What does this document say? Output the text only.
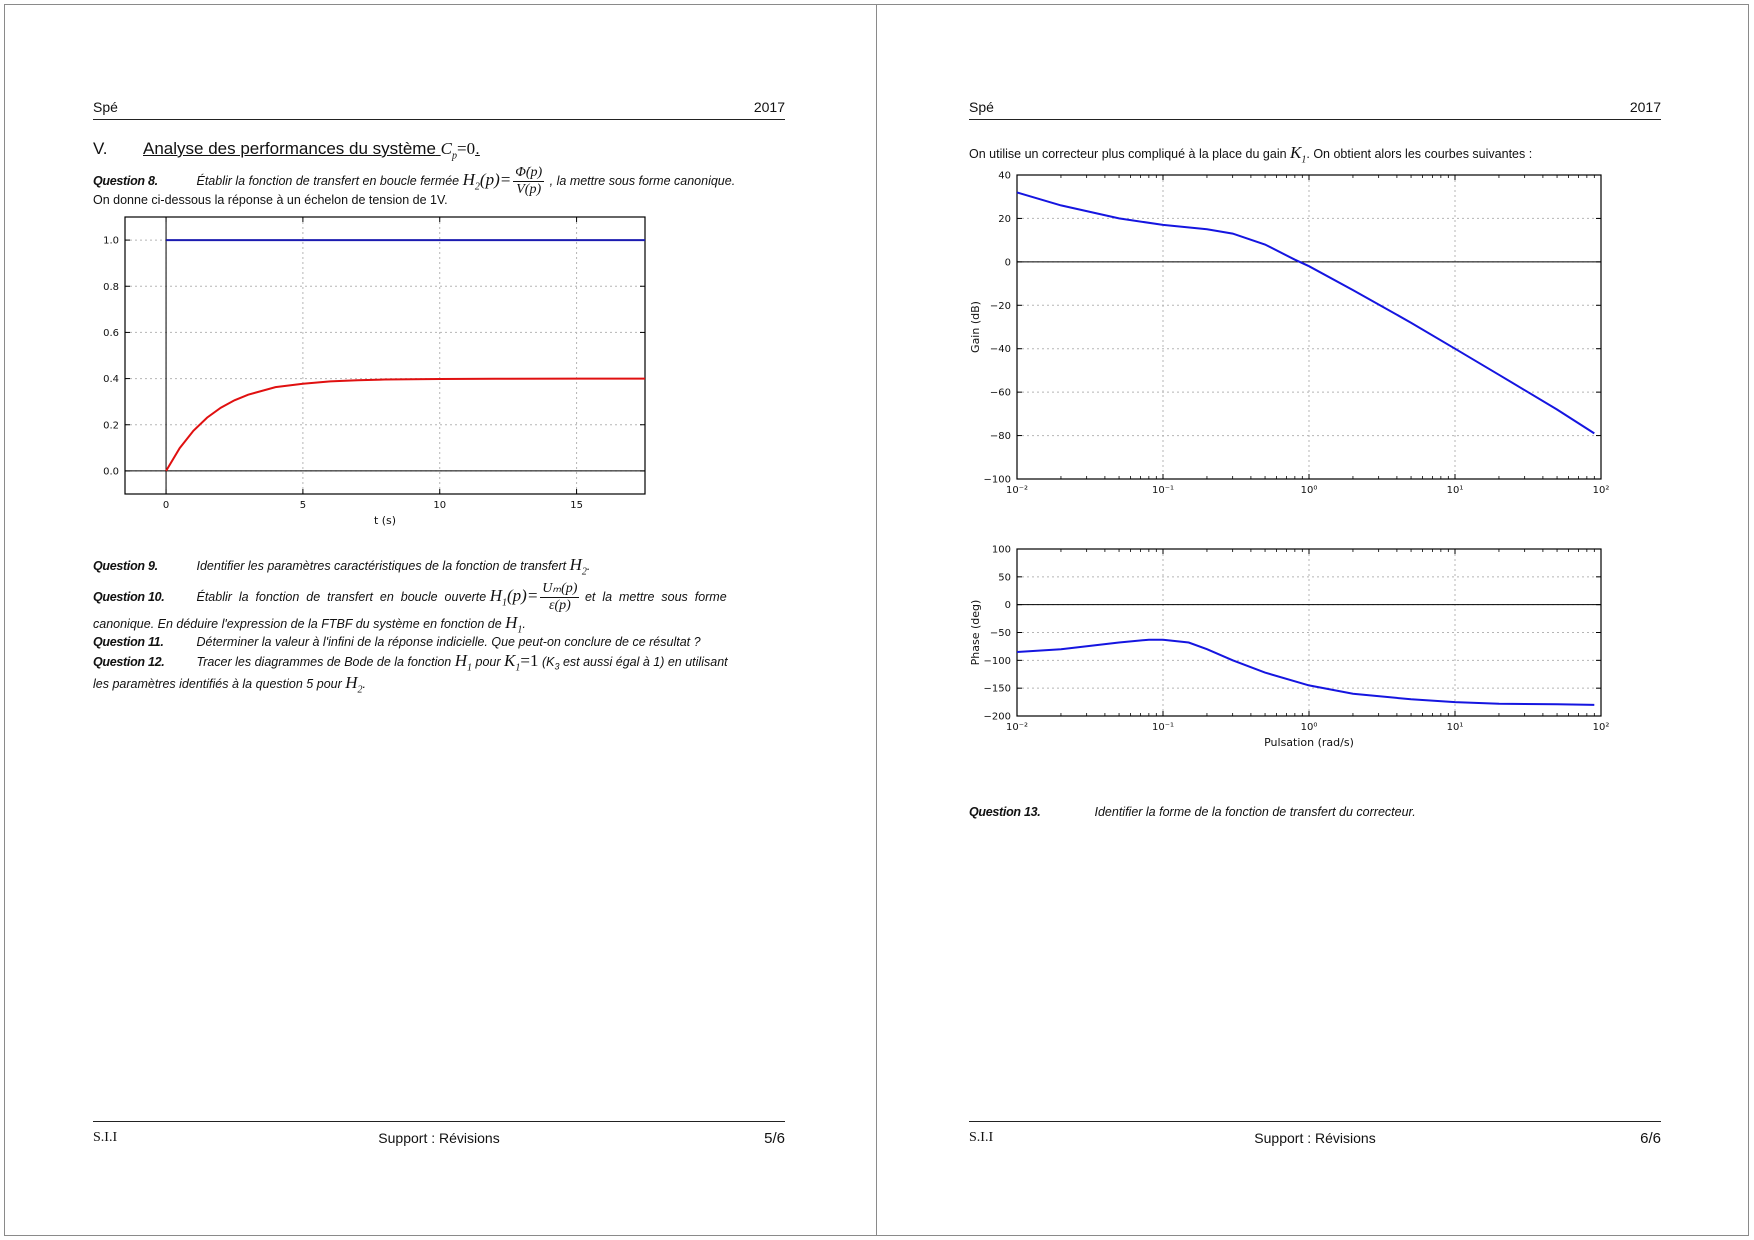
Spé	2017
V. Analyse des performances du système $C_p=0$.
Question 8.	Établir la fonction de transfert en boucle fermée $H_2(p)= \frac{\Phi̇(p)}{V(p)}$ , la mettre sous forme canonique.
On donne ci-dessous la réponse à un échelon de tension de 1V.
0	5	10	15
0.0
0.2
0.4
0.6
0.8
1.0
t (s)
Question 9.	Identifier les paramètres caractéristiques de la fonction de transfert $H_2$.
Question 10.	Établir  la  fonction  de  transfert  en  boucle  ouverte $H_1(p)= \frac{\text{Uₘ(p)}}{\varepsilon(p)}$ et  la  mettre  sous  forme
canonique. En déduire l'expression de la FTBF du système en fonction de $H_1$.
Question 11.	Déterminer la valeur à l'infini de la réponse indicielle. Que peut-on conclure de ce résultat ?
Question 12.	Tracer les diagrammes de Bode de la fonction $H_1$ pour $K_1=1$ ($K_3$ est aussi égal à 1) en utilisant
les paramètres identifiés à la question 5 pour $H_2$.
S.I.I	Support : Révisions	5/6
Spé	2017
On utilise un correcteur plus compliqué à la place du gain $K_1$. On obtient alors les courbes suivantes :
10⁻²	10⁻¹	10⁰	10¹	10²
−100
−80
−60
−40
−20
0
20
40
Gain (dB)
10⁻²	10⁻¹	10⁰	10¹	10²
−200
−150
−100
−50
0
50
100
Pulsation (rad/s)
Phase (deg)
Question 13.	Identifier la forme de la fonction de transfert du correcteur.
S.I.I	Support : Révisions	6/6
